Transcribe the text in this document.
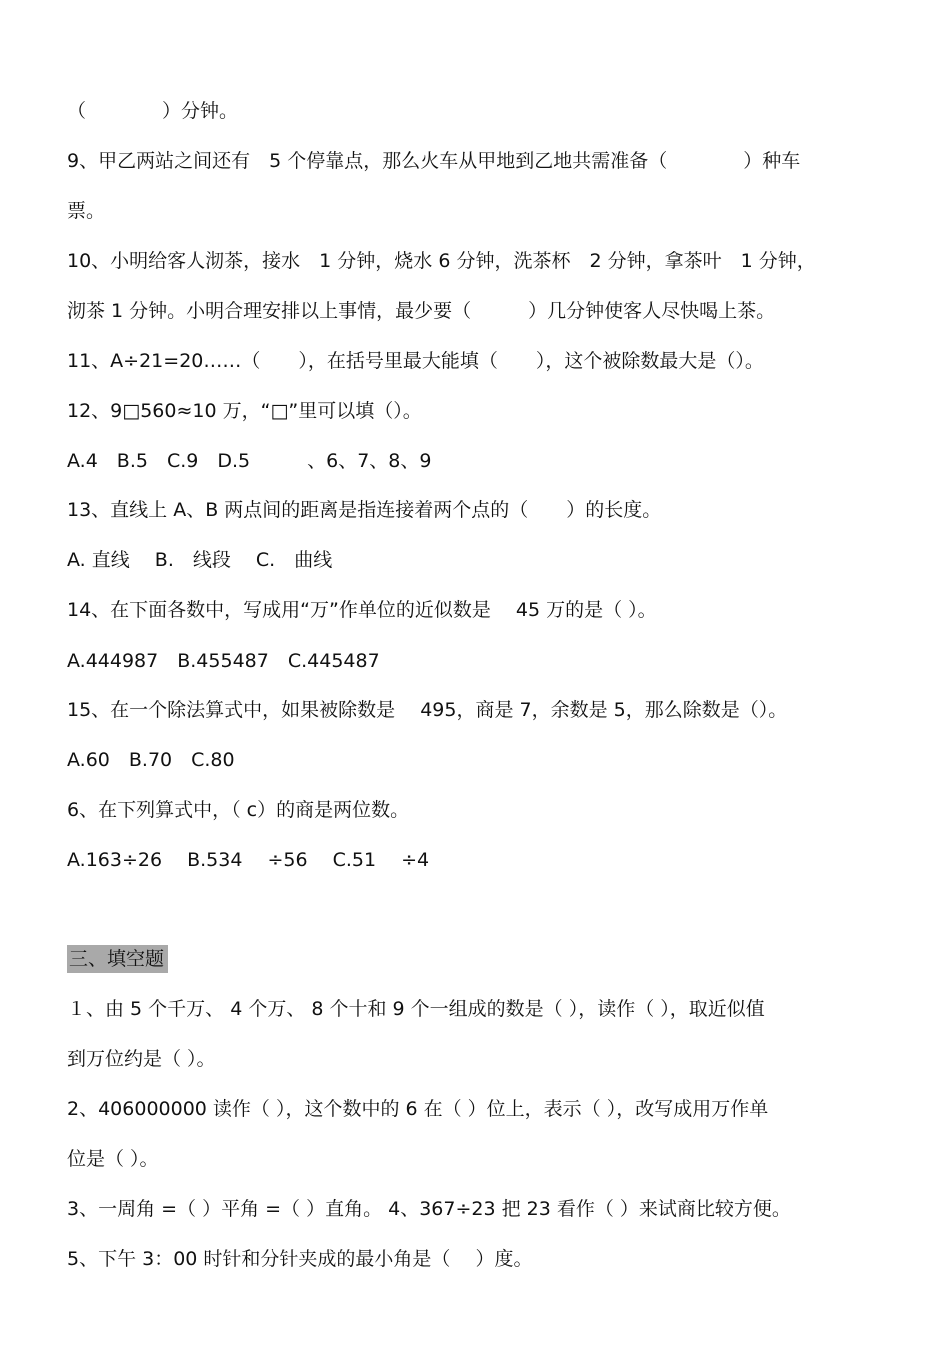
（　　　　）分钟。
9、甲乙两站之间还有　5 个停靠点，那么火车从甲地到乙地共需准备（　　　　）种车
票。
10、小明给客人沏茶，接水　1 分钟，烧水 6 分钟，洗茶杯　2 分钟，拿茶叶　1 分钟，
沏茶 1 分钟。小明合理安排以上事情，最少要（　　　）几分钟使客人尽快喝上茶。
11、A÷21=20……（　　），在括号里最大能填（　　），这个被除数最大是（）。
12、9□560≈10 万，“□”里可以填（）。
A.4　B.5　C.9　D.5　　　、6、7、8、9
13、直线上 A、B 两点间的距离是指连接着两个点的（　　）的长度。
A. 直线　 B.　线段　 C.　曲线
14、在下面各数中，写成用“万”作单位的近似数是　 45 万的是（ ）。
A.444987　B.455487　C.445487
15、在一个除法算式中，如果被除数是　 495，商是 7，余数是 5，那么除数是（）。
A.60　B.70　C.80
6、在下列算式中，（ c）的商是两位数。
A.163÷26　 B.534　 ÷56　 C.51　 ÷4
三、填空题
１、由 5 个千万、 4 个万、 8 个十和 9 个一组成的数是（ ），读作（ ），取近似值
到万位约是（ ）。
2、406000000 读作（ ），这个数中的 6 在（ ）位上，表示（ ），改写成用万作单
位是（ ）。
3、一周角 =（ ）平角 =（ ）直角。 4、367÷23 把 23 看作（ ）来试商比较方便。
5、下午 3：00 时针和分针夹成的最小角是（　 ）度。
